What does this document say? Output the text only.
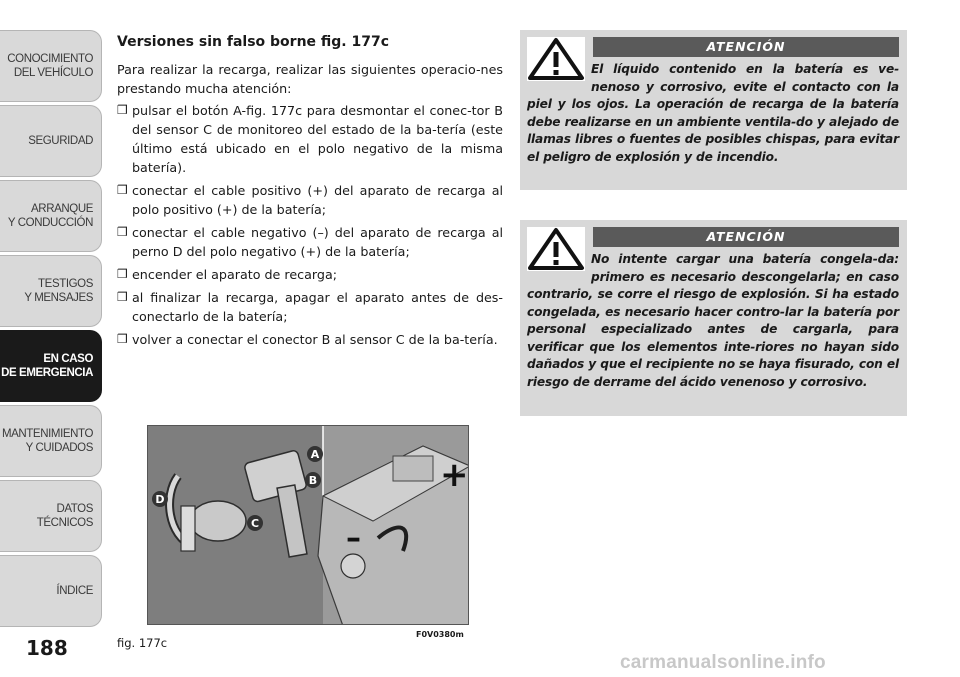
CONOCIMIENTO
DEL VEHÍCULO
SEGURIDAD
ARRANQUE
Y CONDUCCIÓN
TESTIGOS
Y MENSAJES
EN CASO
DE EMERGENCIA
MANTENIMIENTO
Y CUIDADOS
DATOS TÉCNICOS
ÍNDICE
188
Versiones sin falso borne fig. 177c

Para realizar la recarga, realizar las siguientes operacio-nes prestando mucha atención:

❒ pulsar el botón A-fig. 177c para desmontar el conec-tor B del sensor C de monitoreo del estado de la ba-tería (este último está ubicado en el polo negativo de la misma batería).
❒ conectar el cable positivo (+) del aparato de recarga al polo positivo (+) de la batería;
❒ conectar el cable negativo (–) del aparato de recarga al perno D del polo negativo (+) de la batería;
❒ encender el aparato de recarga;
❒ al finalizar la recarga, apagar el aparato antes de des-conectarlo de la batería;
❒ volver a conectar el conector B al sensor C de la ba-tería.
+
–
A
B
C
D
fig. 177c
F0V0380m
ATENCIÓN
El líquido contenido en la batería es ve-nenoso y corrosivo, evite el contacto con la piel y los ojos. La operación de recarga de la batería debe realizarse en un ambiente ventila-do y alejado de llamas libres o fuentes de posibles chispas, para evitar el peligro de explosión y de incendio.
ATENCIÓN
No intente cargar una batería congela-da: primero es necesario descongelarla; en caso contrario, se corre el riesgo de explosión. Si ha estado congelada, es necesario hacer contro-lar la batería por personal especializado antes de cargarla, para verificar que los elementos inte-riores no hayan sido dañados y que el recipiente no se haya fisurado, con el riesgo de derrame del ácido venenoso y corrosivo.
carmanualsonline.info
